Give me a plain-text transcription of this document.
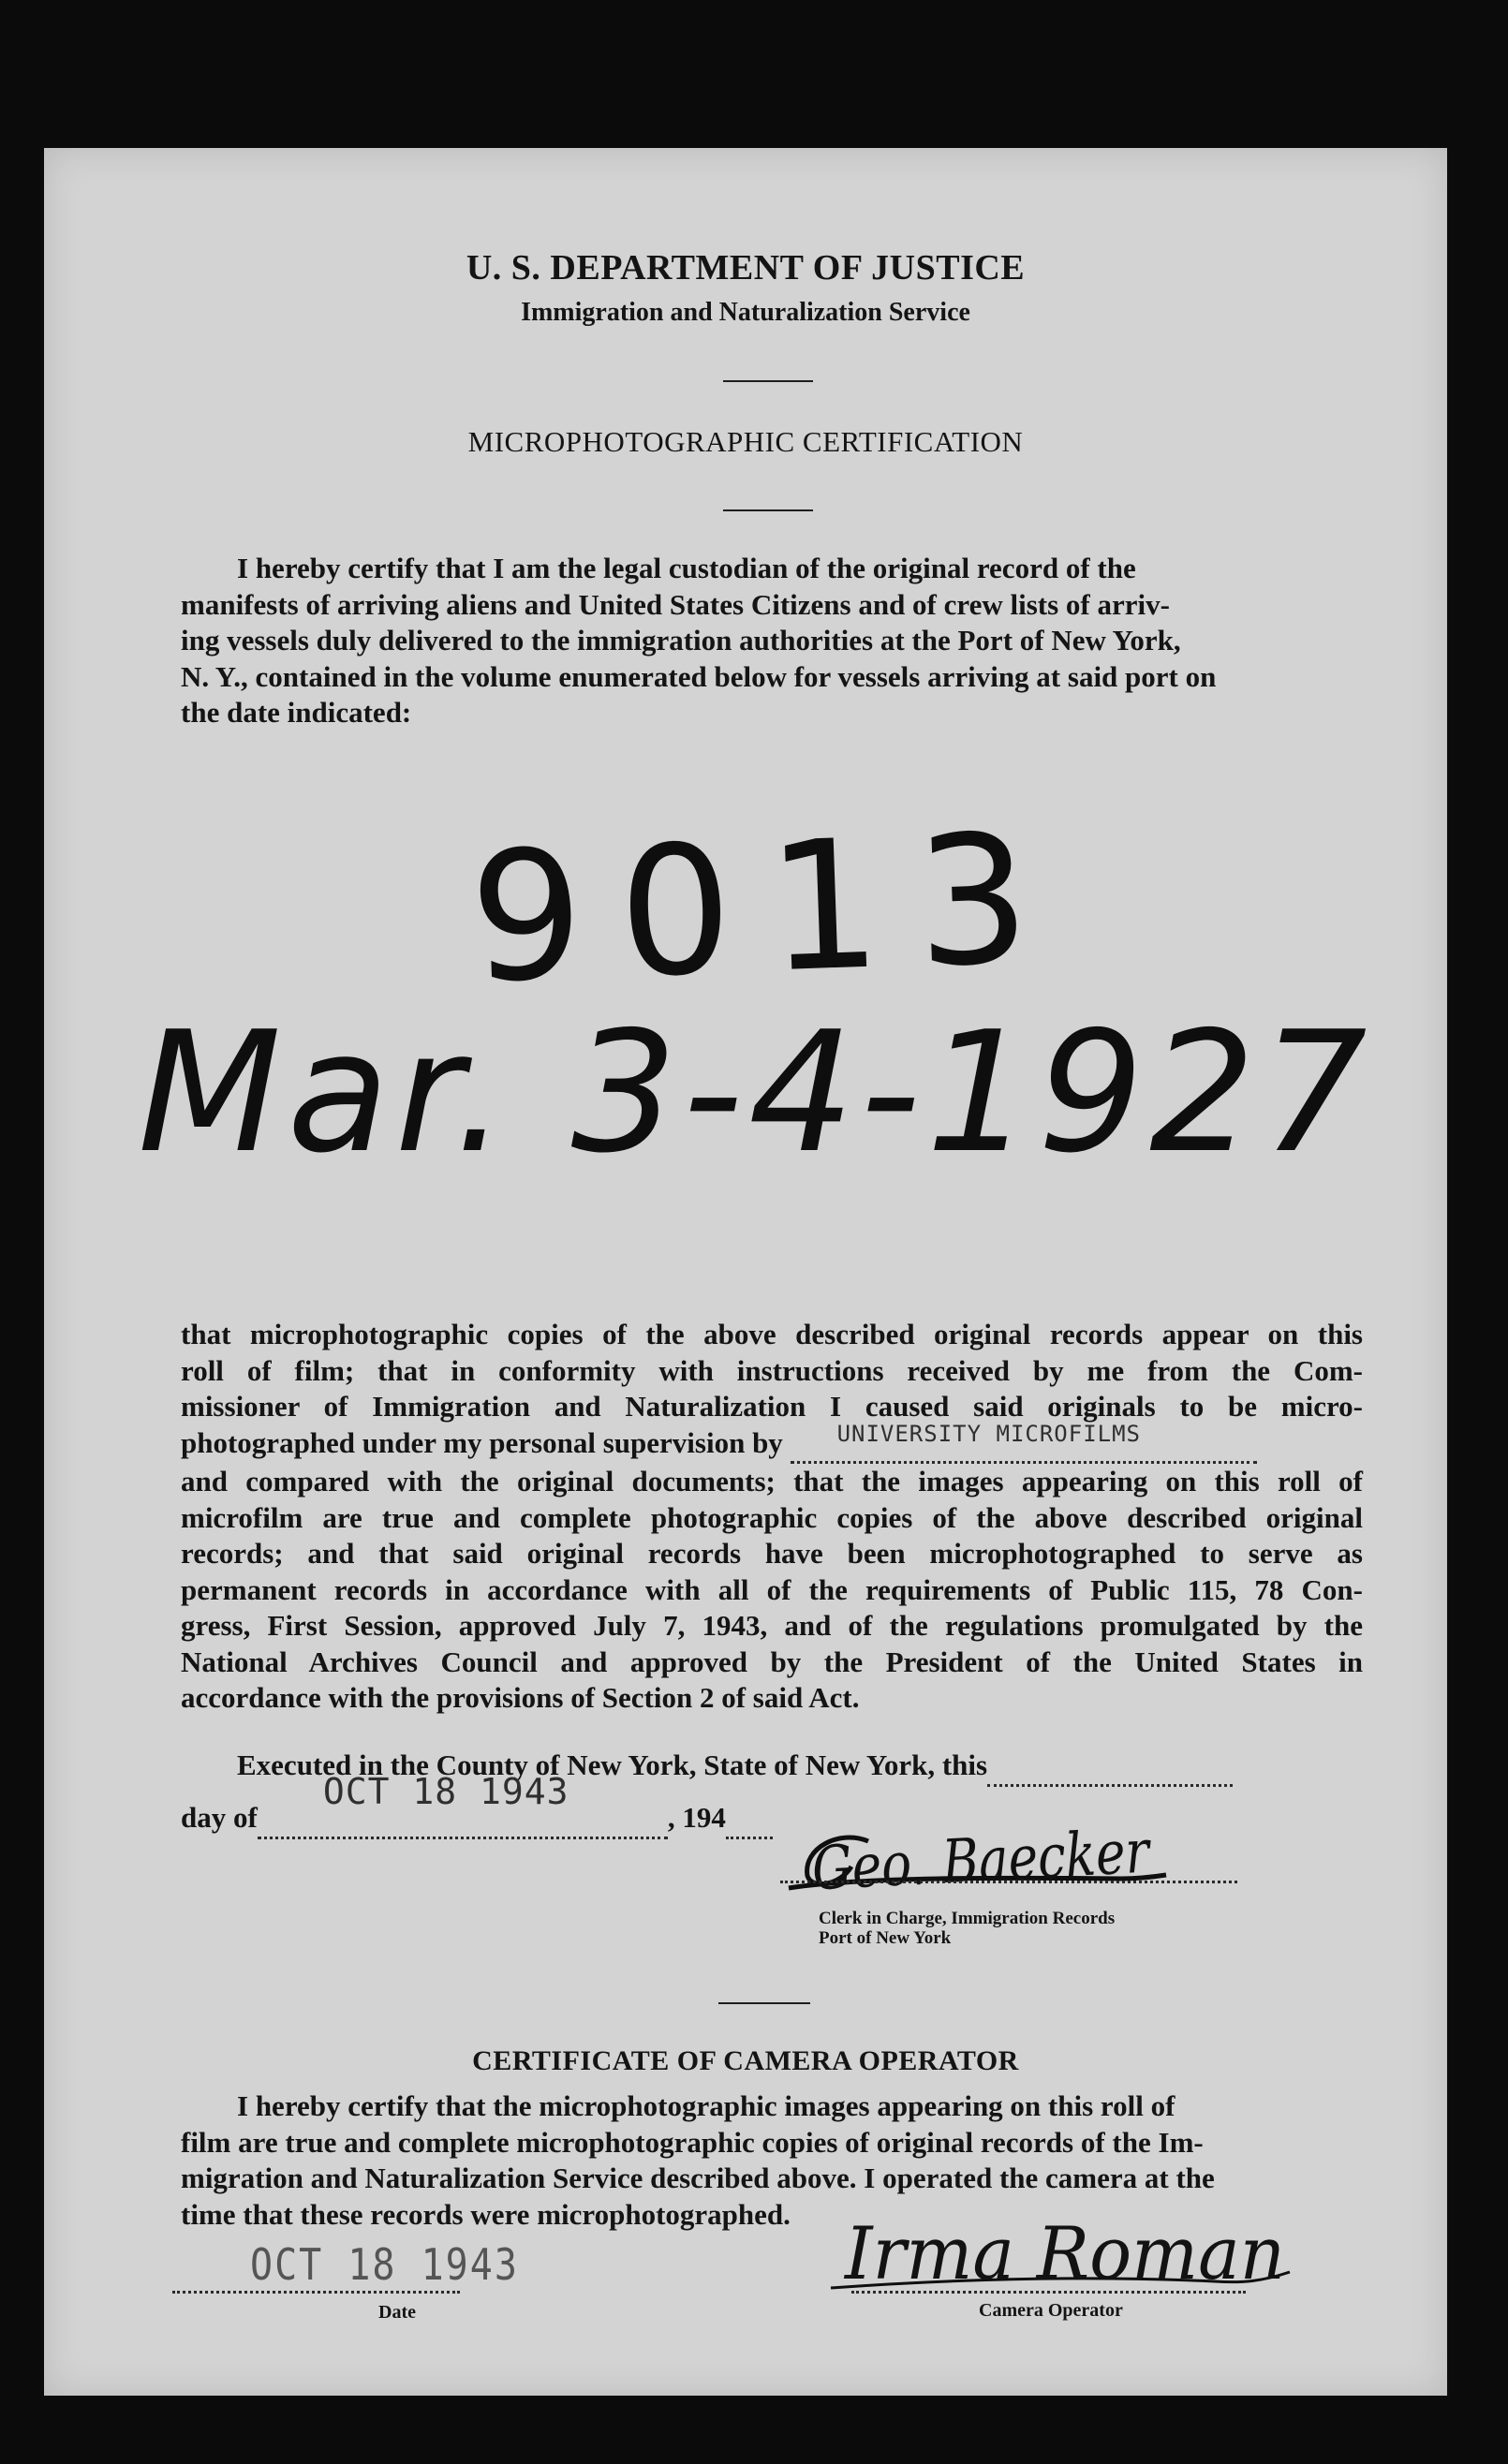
U. S. DEPARTMENT OF JUSTICE
Immigration and Naturalization Service
MICROPHOTOGRAPHIC CERTIFICATION
I hereby certify that I am the legal custodian of the original record of the
manifests of arriving aliens and United States Citizens and of crew lists of arriv-
ing vessels duly delivered to the immigration authorities at the Port of New York,
N. Y., contained in the volume enumerated below for vessels arriving at said port on
the date indicated:
9013
Mar. 3-4-1927
that microphotographic copies of the above described original records appear on this
roll of film; that in conformity with instructions received by me from the Com-
missioner of Immigration and Naturalization I caused said originals to be micro-
photographed under my personal supervision by UNIVERSITY MICROFILMS

and compared with the original documents; that the images appearing on this roll of
microfilm are true and complete photographic copies of the above described original
records; and that said original records have been microphotographed to serve as
permanent records in accordance with all of the requirements of Public 115, 78 Con-
gress, First Session, approved July 7, 1943, and of the regulations promulgated by the
National Archives Council and approved by the President of the United States in
accordance with the provisions of Section 2 of said Act.
Executed in the County of New York, State of New York, this
day of
OCT 18 1943
, 194	Geo. Baecker
Clerk in Charge, Immigration Records
Port of New York
CERTIFICATE OF CAMERA OPERATOR
I hereby certify that the microphotographic images appearing on this roll of
film are true and complete microphotographic copies of original records of the Im-
migration and Naturalization Service described above. I operated the camera at the
time that these records were microphotographed.
OCT 18 1943
Date
Irma Roman
Camera Operator
